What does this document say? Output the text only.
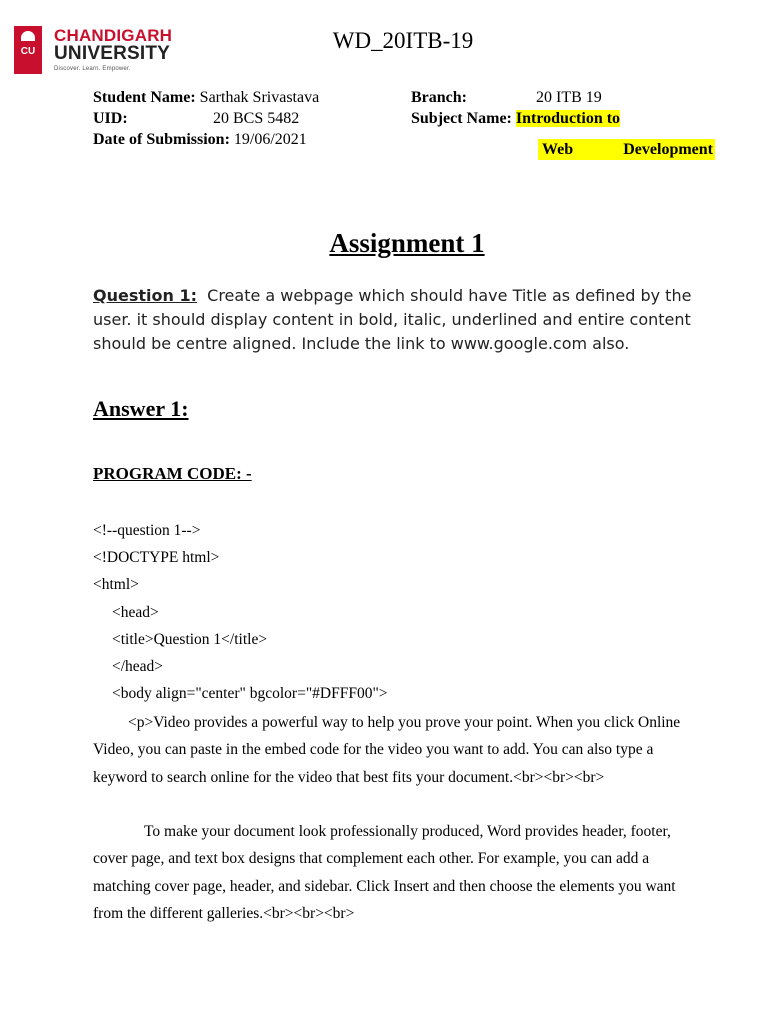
CU
CHANDIGARH
UNIVERSITY
Discover. Learn. Empower.
WD_20ITB-19
Student Name: Sarthak Srivastava
UID:	20 BCS 5482
Date of Submission: 19/06/2021
Branch:	20 ITB 19
Subject Name: Introduction to
Web	Development
Assignment 1
Question 1: Create a webpage which should have Title as defined by the user. it should display content in bold, italic, underlined and entire content should be centre aligned. Include the link to www.google.com also.
Answer 1:
PROGRAM CODE: -
<!--question 1-->
<!DOCTYPE html>
<html>
<head>
<title>Question 1</title>
</head>
<body align="center" bgcolor="#DFFF00">
<p>Video provides a powerful way to help you prove your point. When you click Online Video, you can paste in the embed code for the video you want to add. You can also type a keyword to search online for the video that best fits your document.<br><br><br>
To make your document look professionally produced, Word provides header, footer, cover page, and text box designs that complement each other. For example, you can add a matching cover page, header, and sidebar. Click Insert and then choose the elements you want from the different galleries.<br><br><br>
